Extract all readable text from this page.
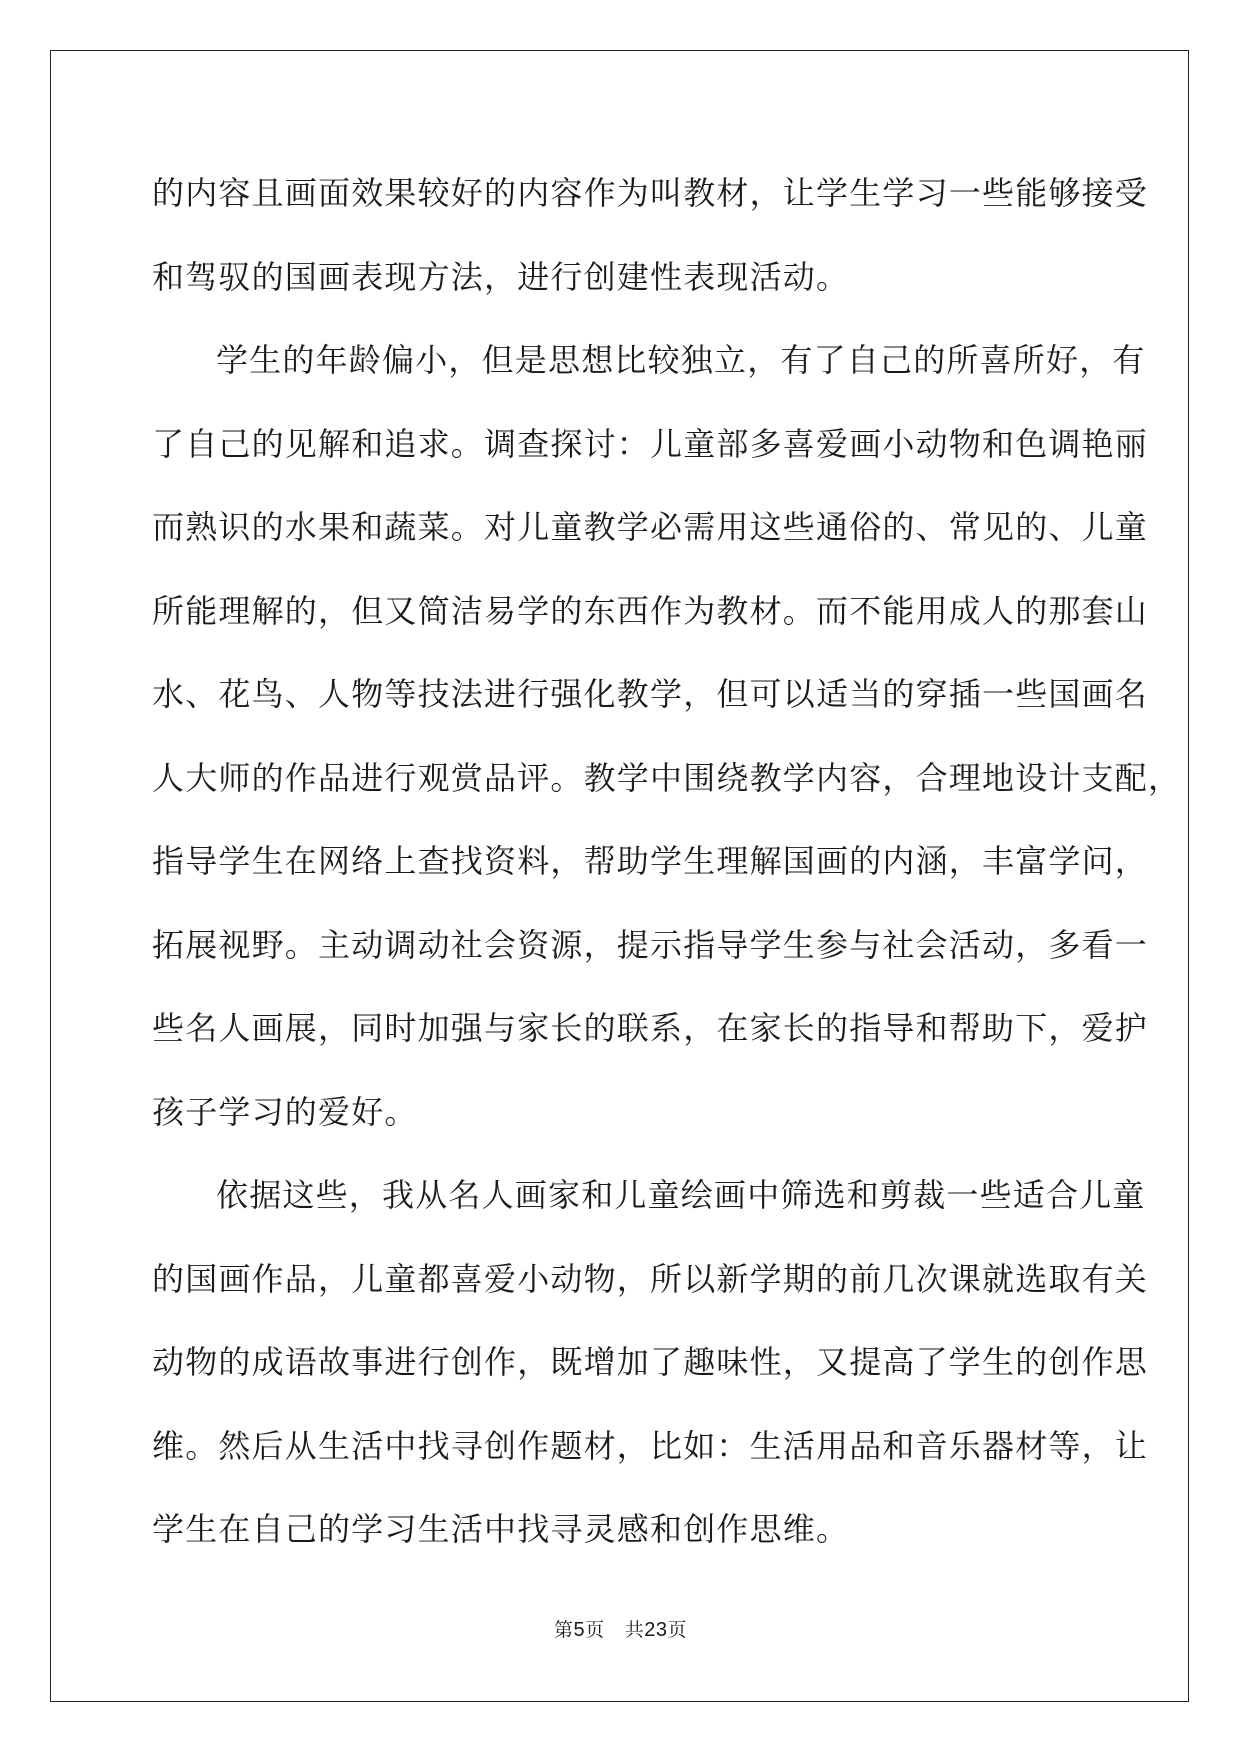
的内容且画面效果较好的内容作为叫教材，让学生学习一些能够接受
和驾驭的国画表现方法，进行创建性表现活动。
学生的年龄偏小，但是思想比较独立，有了自己的所喜所好，有
了自己的见解和追求。调查探讨：儿童部多喜爱画小动物和色调艳丽
而熟识的水果和蔬菜。对儿童教学必需用这些通俗的、常见的、儿童
所能理解的，但又简洁易学的东西作为教材。而不能用成人的那套山
水、花鸟、人物等技法进行强化教学，但可以适当的穿插一些国画名
人大师的作品进行观赏品评。教学中围绕教学内容，合理地设计支配，
指导学生在网络上查找资料，帮助学生理解国画的内涵，丰富学问，
拓展视野。主动调动社会资源，提示指导学生参与社会活动，多看一
些名人画展，同时加强与家长的联系，在家长的指导和帮助下，爱护
孩子学习的爱好。
依据这些，我从名人画家和儿童绘画中筛选和剪裁一些适合儿童
的国画作品，儿童都喜爱小动物，所以新学期的前几次课就选取有关
动物的成语故事进行创作，既增加了趣味性，又提高了学生的创作思
维。然后从生活中找寻创作题材，比如：生活用品和音乐器材等，让
学生在自己的学习生活中找寻灵感和创作思维。
第5页 共23页
